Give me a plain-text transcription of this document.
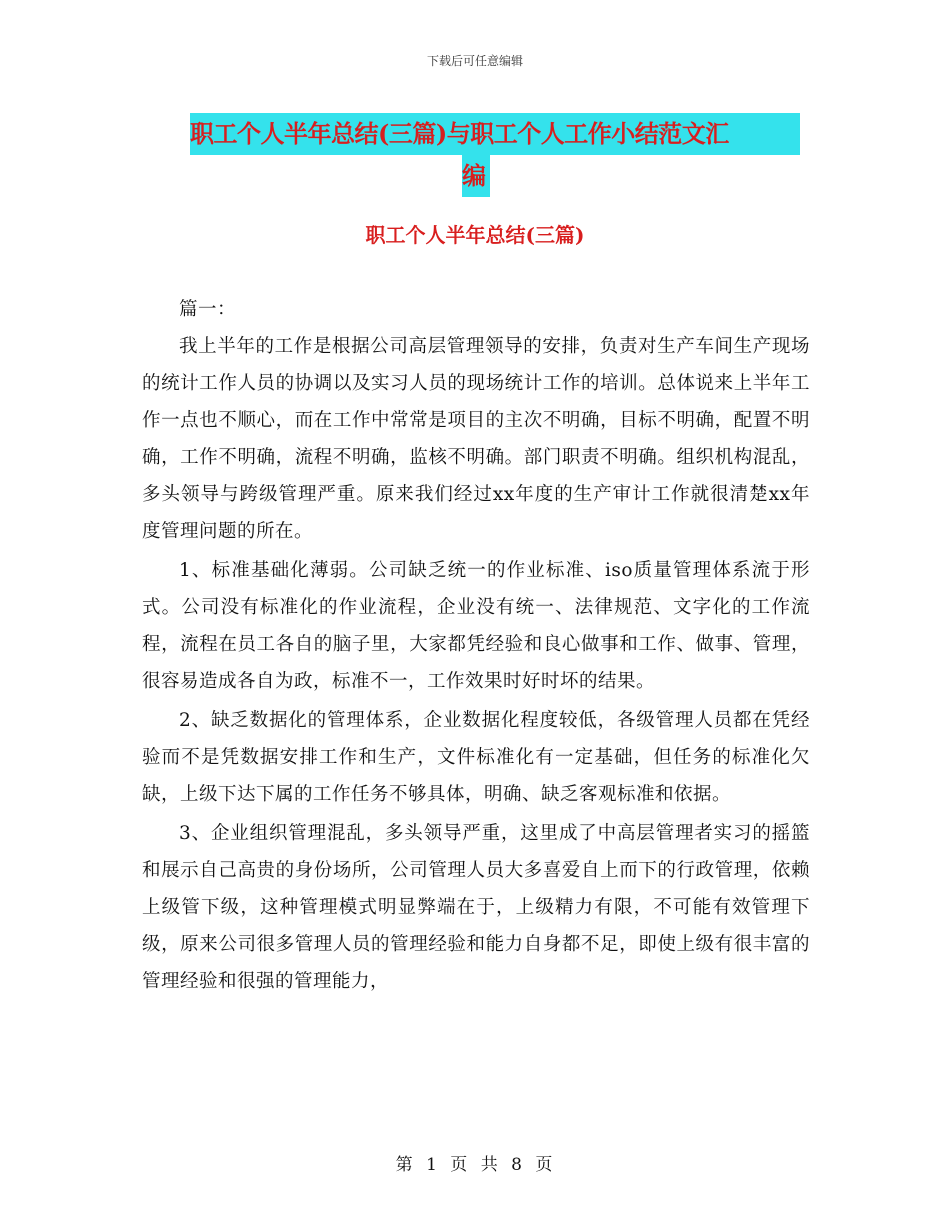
下载后可任意编辑
职工个人半年总结(三篇)与职工个人工作小结范文汇
编
职工个人半年总结(三篇)

篇一：

我上半年的工作是根据公司高层管理领导的安排，负责对生产车间生产现场的统计工作人员的协调以及实习人员的现场统计工作的培训。总体说来上半年工作一点也不顺心，而在工作中常常是项目的主次不明确，目标不明确，配置不明确，工作不明确，流程不明确，监核不明确。部门职责不明确。组织机构混乱，多头领导与跨级管理严重。原来我们经过xx年度的生产审计工作就很清楚xx年度管理问题的所在。

1、标准基础化薄弱。公司缺乏统一的作业标准、iso质量管理体系流于形式。公司没有标准化的作业流程，企业没有统一、法律规范、文字化的工作流程，流程在员工各自的脑子里，大家都凭经验和良心做事和工作、做事、管理，很容易造成各自为政，标准不一，工作效果时好时坏的结果。

2、缺乏数据化的管理体系，企业数据化程度较低，各级管理人员都在凭经验而不是凭数据安排工作和生产，文件标准化有一定基础，但任务的标准化欠缺，上级下达下属的工作任务不够具体，明确、缺乏客观标准和依据。

3、企业组织管理混乱，多头领导严重，这里成了中高层管理者实习的摇篮和展示自己高贵的身份场所，公司管理人员大多喜爱自上而下的行政管理，依赖上级管下级，这种管理模式明显弊端在于，上级精力有限，不可能有效管理下级，原来公司很多管理人员的管理经验和能力自身都不足，即使上级有很丰富的管理经验和很强的管理能力，

第 1 页 共 8 页
